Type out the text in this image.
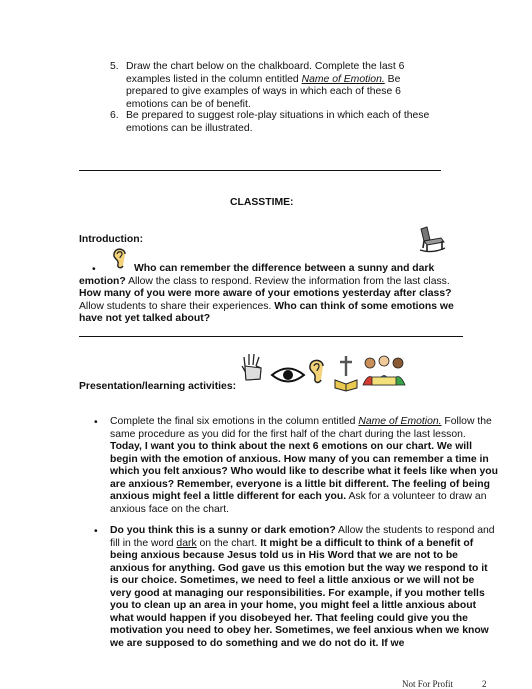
5. Draw the chart below on the chalkboard. Complete the last 6 examples listed in the column entitled Name of Emotion. Be prepared to give examples of ways in which each of these 6 emotions can be of benefit.
6. Be prepared to suggest role-play situations in which each of these emotions can be illustrated.
CLASSTIME:
Introduction:
•	Who can remember the difference between a sunny and dark emotion? Allow the class to respond. Review the information from the last class. How many of you were more aware of your emotions yesterday after class? Allow students to share their experiences. Who can think of some emotions we have not yet talked about?
Presentation/learning activities:
• Complete the final six emotions in the column entitled Name of Emotion. Follow the same procedure as you did for the first half of the chart during the last lesson. Today, I want you to think about the next 6 emotions on our chart. We will begin with the emotion of anxious. How many of you can remember a time in which you felt anxious? Who would like to describe what it feels like when you are anxious? Remember, everyone is a little bit different. The feeling of being anxious might feel a little different for each you. Ask for a volunteer to draw an anxious face on the chart.
• Do you think this is a sunny or dark emotion? Allow the students to respond and fill in the word dark on the chart. It might be a difficult to think of a benefit of being anxious because Jesus told us in His Word that we are not to be anxious for anything. God gave us this emotion but the way we respond to it is our choice. Sometimes, we need to feel a little anxious or we will not be very good at managing our responsibilities. For example, if you mother tells you to clean up an area in your home, you might feel a little anxious about what would happen if you disobeyed her. That feeling could give you the motivation you need to obey her. Sometimes, we feel anxious when we know we are supposed to do something and we do not do it. If we
Not For Profit	2
